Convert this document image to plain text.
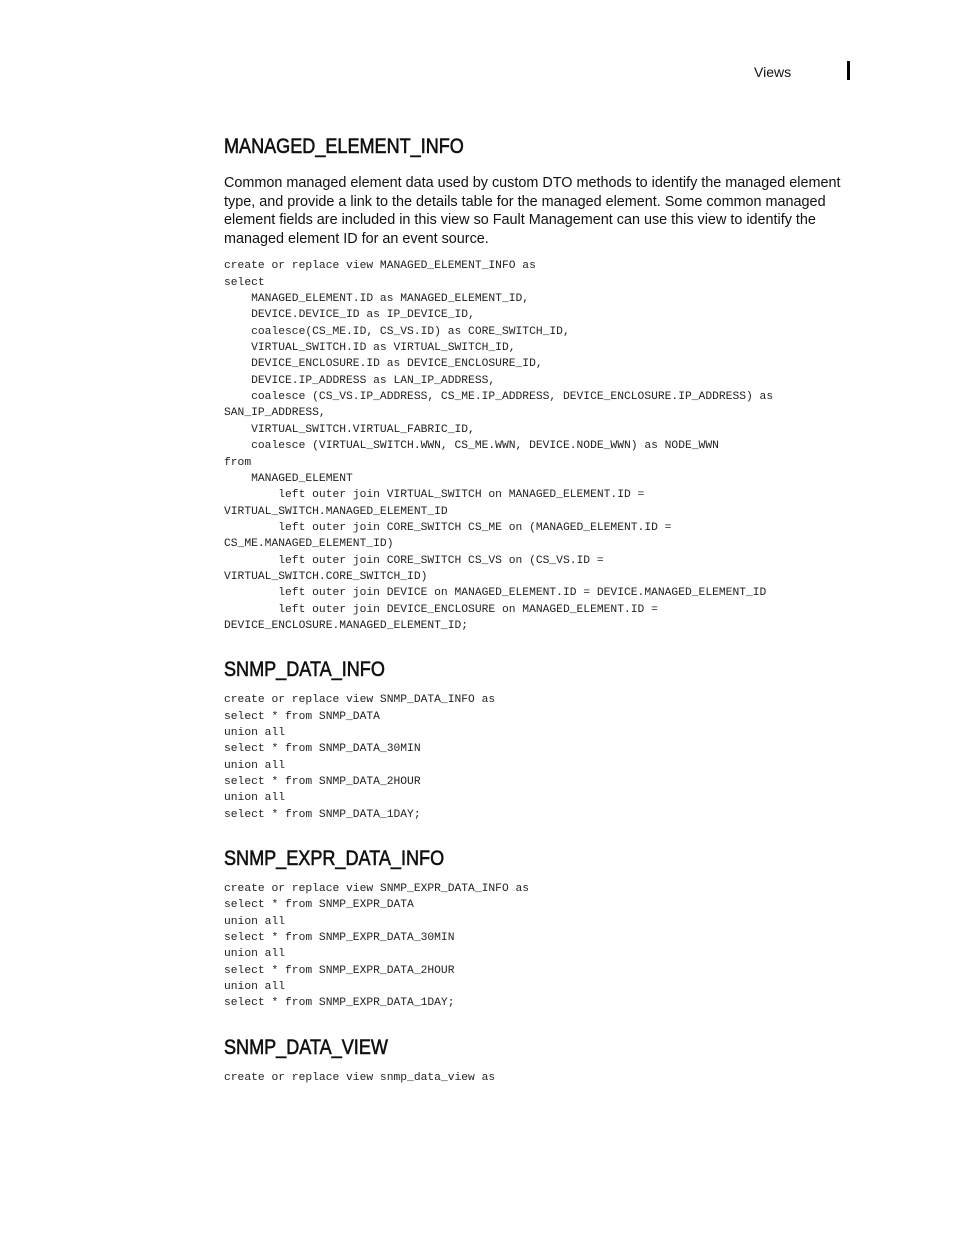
Views
MANAGED_ELEMENT_INFO

Common managed element data used by custom DTO methods to identify the managed element type, and provide a link to the details table for the managed element. Some common managed element fields are included in this view so Fault Management can use this view to identify the managed element ID for an event source.

create or replace view MANAGED_ELEMENT_INFO as
select
MANAGED_ELEMENT.ID as MANAGED_ELEMENT_ID,
DEVICE.DEVICE_ID as IP_DEVICE_ID,
coalesce(CS_ME.ID, CS_VS.ID) as CORE_SWITCH_ID,
VIRTUAL_SWITCH.ID as VIRTUAL_SWITCH_ID,
DEVICE_ENCLOSURE.ID as DEVICE_ENCLOSURE_ID,
DEVICE.IP_ADDRESS as LAN_IP_ADDRESS,
coalesce (CS_VS.IP_ADDRESS, CS_ME.IP_ADDRESS, DEVICE_ENCLOSURE.IP_ADDRESS) as
SAN_IP_ADDRESS,
VIRTUAL_SWITCH.VIRTUAL_FABRIC_ID,
coalesce (VIRTUAL_SWITCH.WWN, CS_ME.WWN, DEVICE.NODE_WWN) as NODE_WWN
from
MANAGED_ELEMENT
left outer join VIRTUAL_SWITCH on MANAGED_ELEMENT.ID =
VIRTUAL_SWITCH.MANAGED_ELEMENT_ID
left outer join CORE_SWITCH CS_ME on (MANAGED_ELEMENT.ID =
CS_ME.MANAGED_ELEMENT_ID)
left outer join CORE_SWITCH CS_VS on (CS_VS.ID =
VIRTUAL_SWITCH.CORE_SWITCH_ID)
left outer join DEVICE on MANAGED_ELEMENT.ID = DEVICE.MANAGED_ELEMENT_ID
left outer join DEVICE_ENCLOSURE on MANAGED_ELEMENT.ID =
DEVICE_ENCLOSURE.MANAGED_ELEMENT_ID;
SNMP_DATA_INFO
create or replace view SNMP_DATA_INFO as
select * from SNMP_DATA
union all
select * from SNMP_DATA_30MIN
union all
select * from SNMP_DATA_2HOUR
union all
select * from SNMP_DATA_1DAY;
SNMP_EXPR_DATA_INFO
create or replace view SNMP_EXPR_DATA_INFO as
select * from SNMP_EXPR_DATA
union all
select * from SNMP_EXPR_DATA_30MIN
union all
select * from SNMP_EXPR_DATA_2HOUR
union all
select * from SNMP_EXPR_DATA_1DAY;
SNMP_DATA_VIEW
create or replace view snmp_data_view as
